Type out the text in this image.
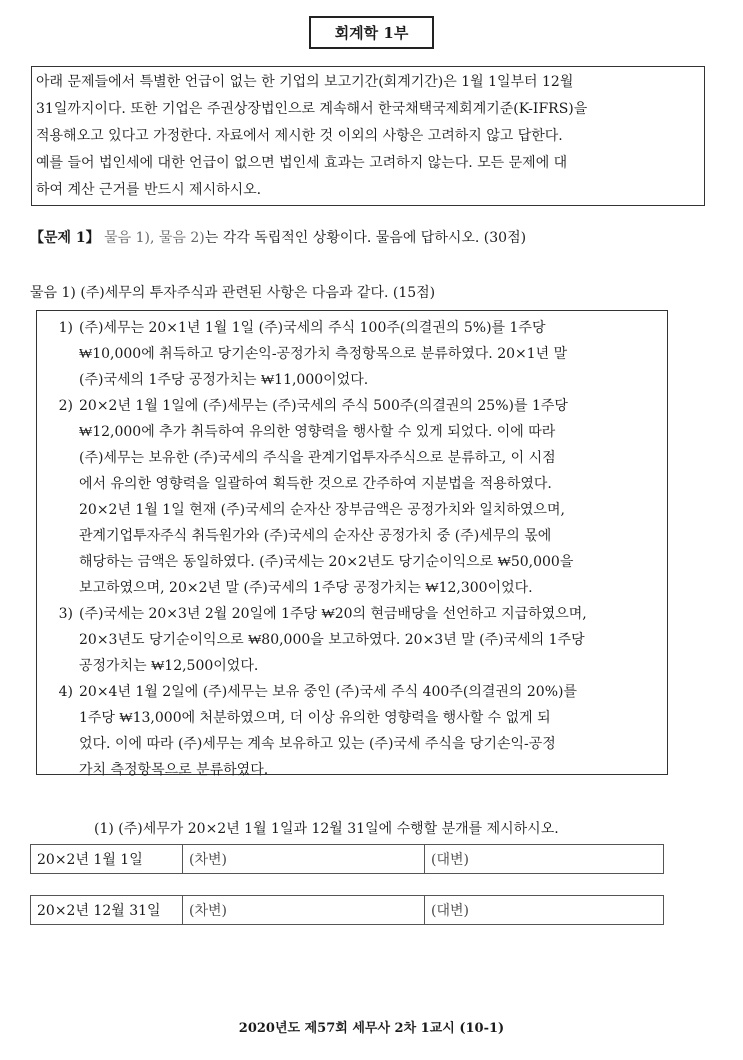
회계학 1부

아래 문제들에서 특별한 언급이 없는 한 기업의 보고기간(회계기간)은 1월 1일부터 12월

31일까지이다. 또한 기업은 주권상장법인으로 계속해서 한국채택국제회계기준(K-IFRS)을

적용해오고 있다고 가정한다. 자료에서 제시한 것 이외의 사항은 고려하지 않고 답한다.

예를 들어 법인세에 대한 언급이 없으면 법인세 효과는 고려하지 않는다. 모든 문제에 대

하여 계산 근거를 반드시 제시하시오.

【문제 1】 물음 1), 물음 2)는 각각 독립적인 상황이다. 물음에 답하시오. (30점)
물음 1) (주)세무의 투자주식과 관련된 사항은 다음과 같다. (15점)
1) (주)세무는 20×1년 1월 1일 (주)국세의 주식 100주(의결권의 5%)를 1주당

₩10,000에 취득하고 당기손익-공정가치 측정항목으로 분류하였다. 20×1년 말

(주)국세의 1주당 공정가치는 ₩11,000이었다.

2) 20×2년 1월 1일에 (주)세무는 (주)국세의 주식 500주(의결권의 25%)를 1주당

₩12,000에 추가 취득하여 유의한 영향력을 행사할 수 있게 되었다. 이에 따라

(주)세무는 보유한 (주)국세의 주식을 관계기업투자주식으로 분류하고, 이 시점

에서 유의한 영향력을 일괄하여 획득한 것으로 간주하여 지분법을 적용하였다.

20×2년 1월 1일 현재 (주)국세의 순자산 장부금액은 공정가치와 일치하였으며,

관계기업투자주식 취득원가와 (주)국세의 순자산 공정가치 중 (주)세무의 몫에

해당하는 금액은 동일하였다. (주)국세는 20×2년도 당기순이익으로 ₩50,000을

보고하였으며, 20×2년 말 (주)국세의 1주당 공정가치는 ₩12,300이었다.

3) (주)국세는 20×3년 2월 20일에 1주당 ₩20의 현금배당을 선언하고 지급하였으며,

20×3년도 당기순이익으로 ₩80,000을 보고하였다. 20×3년 말 (주)국세의 1주당

공정가치는 ₩12,500이었다.

4) 20×4년 1월 2일에 (주)세무는 보유 중인 (주)국세 주식 400주(의결권의 20%)를

1주당 ₩13,000에 처분하였으며, 더 이상 유의한 영향력을 행사할 수 없게 되

었다. 이에 따라 (주)세무는 계속 보유하고 있는 (주)국세 주식을 당기손익-공정

가치 측정항목으로 분류하였다.

(1) (주)세무가 20×2년 1월 1일과 12월 31일에 수행할 분개를 제시하시오.
20×2년 1월 1일	(차변)	(대변)
20×2년 12월 31일	(차변)	(대변)
2020년도 제57회 세무사 2차 1교시 (10-1)
